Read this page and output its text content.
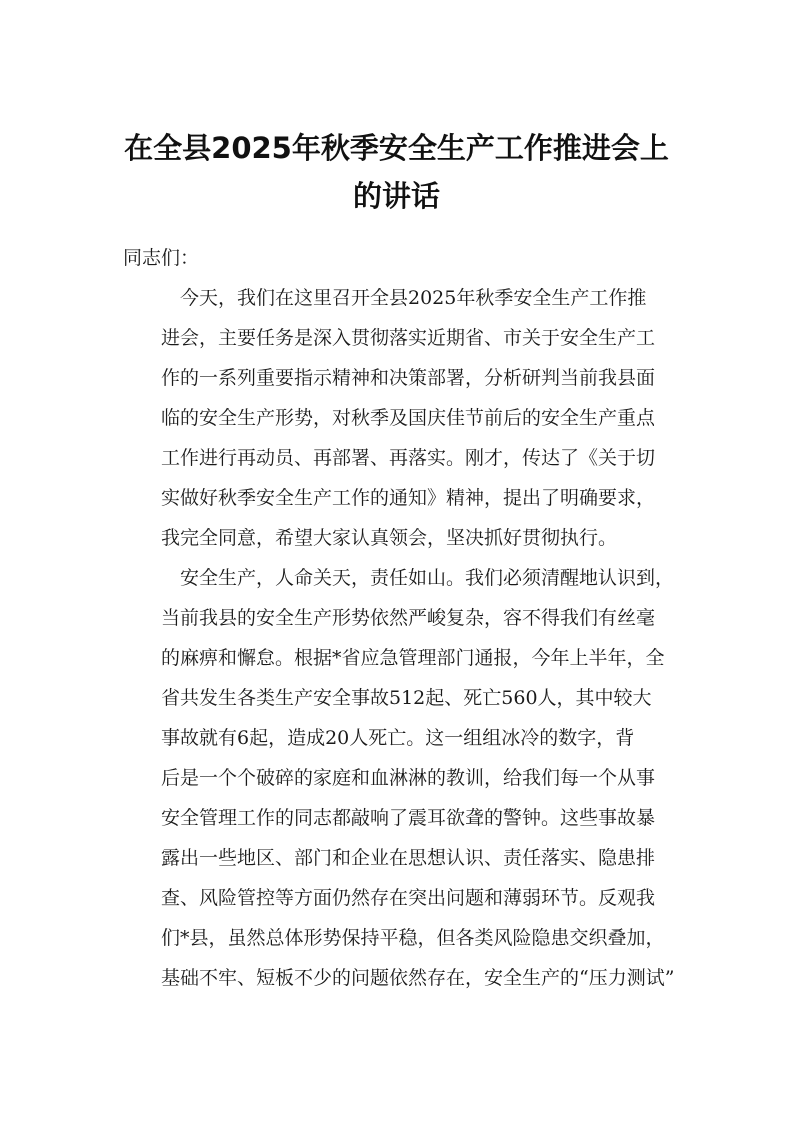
在全县2025年秋季安全生产工作推进会上
的讲话
同志们：
今天，我们在这里召开全县2025年秋季安全生产工作推
进会，主要任务是深入贯彻落实近期省、市关于安全生产工
作的一系列重要指示精神和决策部署，分析研判当前我县面
临的安全生产形势，对秋季及国庆佳节前后的安全生产重点
工作进行再动员、再部署、再落实。刚才，传达了《关于切
实做好秋季安全生产工作的通知》精神，提出了明确要求，
我完全同意，希望大家认真领会，坚决抓好贯彻执行。
安全生产，人命关天，责任如山。我们必须清醒地认识到，
当前我县的安全生产形势依然严峻复杂，容不得我们有丝毫
的麻痹和懈怠。根据*省应急管理部门通报，今年上半年，全
省共发生各类生产安全事故512起、死亡560人，其中较大
事故就有6起，造成20人死亡。这一组组冰冷的数字，背
后是一个个破碎的家庭和血淋淋的教训，给我们每一个从事
安全管理工作的同志都敲响了震耳欲聋的警钟。这些事故暴
露出一些地区、部门和企业在思想认识、责任落实、隐患排
查、风险管控等方面仍然存在突出问题和薄弱环节。反观我
们*县，虽然总体形势保持平稳，但各类风险隐患交织叠加，
基础不牢、短板不少的问题依然存在，安全生产的“压力测试”
